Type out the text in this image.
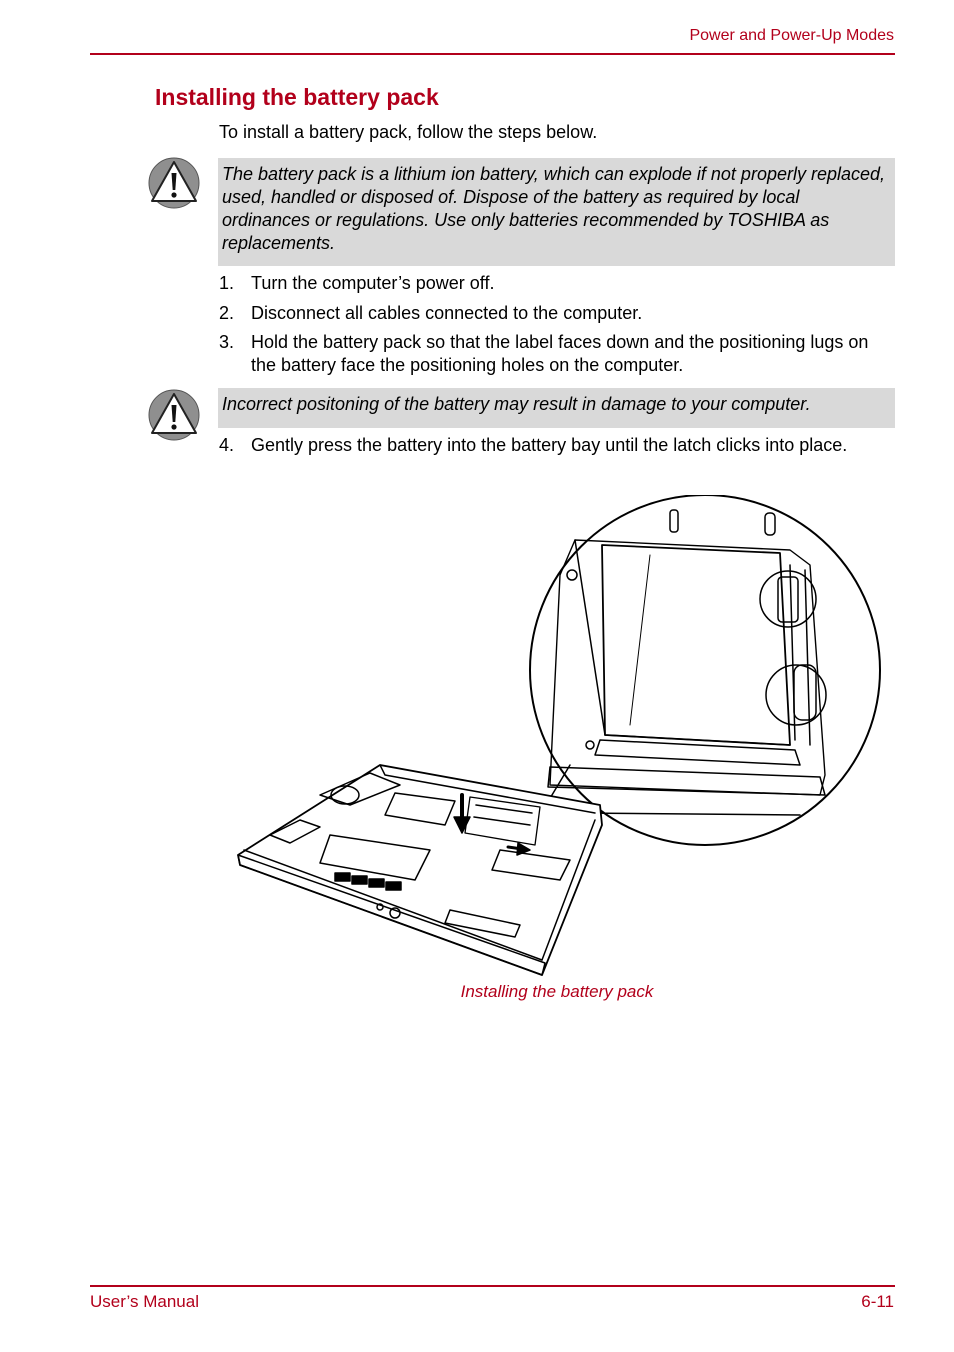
Power and Power-Up Modes
Installing the battery pack
To install a battery pack, follow the steps below.
The battery pack is a lithium ion battery, which can explode if not properly replaced, used, handled or disposed of. Dispose of the battery as required by local ordinances or regulations. Use only batteries recommended by TOSHIBA as replacements.
1. Turn the computer’s power off.
2. Disconnect all cables connected to the computer.
3. Hold the battery pack so that the label faces down and the positioning lugs on the battery face the positioning holes on the computer.
Incorrect positoning of the battery may result in damage to your computer.
4. Gently press the battery into the battery bay until the latch clicks into place.
Installing the battery pack
User’s Manual	6-11
